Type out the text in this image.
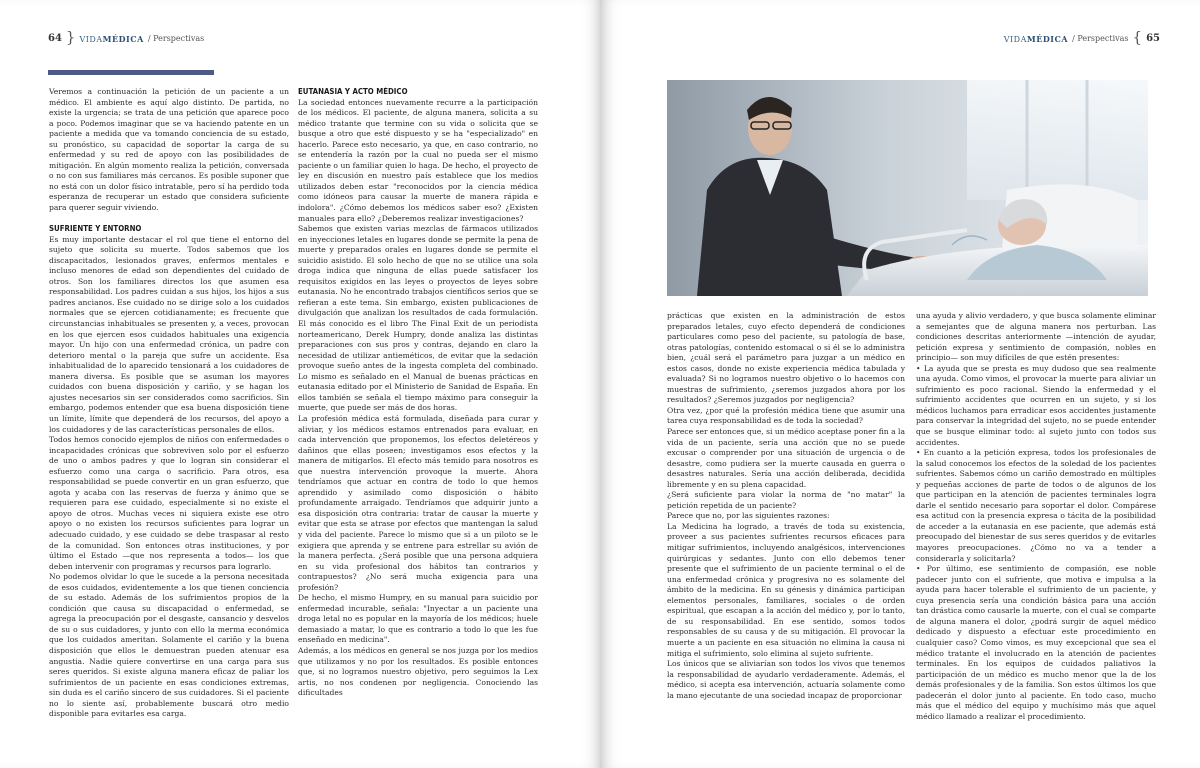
64 } VIDAMÉDICA / Perspectivas	VIDAMÉDICA / Perspectivas { 65

Veremos a continuación la petición de un paciente a un médico. El ambiente es aquí algo distinto. De partida, no existe la urgencia; se trata de una petición que aparece poco a poco. Podemos imaginar que se va haciendo patente en un paciente a medida que va tomando conciencia de su estado, su pronóstico, su capacidad de soportar la carga de su enfermedad y su red de apoyo con las posibilidades de mitigación. En algún momento realiza la petición, conversada o no con sus familiares más cercanos. Es posible suponer que no está con un dolor físico intratable, pero sí ha perdido toda esperanza de recuperar un estado que considera suficiente para querer seguir viviendo.

SUFRIENTE Y ENTORNO

Es muy importante destacar el rol que tiene el entorno del sujeto que solicita su muerte. Todos sabemos que los discapacitados, lesionados graves, enfermos mentales e incluso menores de edad son dependientes del cuidado de otros. Son los familiares directos los que asumen esa responsabilidad. Los padres cuidan a sus hijos, los hijos a sus padres ancianos. Ese cuidado no se dirige solo a los cuidados normales que se ejercen cotidianamente; es frecuente que circunstancias inhabituales se presenten y, a veces, provocan en los que ejercen esos cuidados habituales una exigencia mayor. Un hijo con una enfermedad crónica, un padre con deterioro mental o la pareja que sufre un accidente. Esa inhabitualidad de lo aparecido tensionará a los cuidadores de manera diversa. Es posible que se asuman los mayores cuidados con buena disposición y cariño, y se hagan los ajustes necesarios sin ser considerados como sacrificios. Sin embargo, podemos entender que esa buena disposición tiene un límite, límite que dependerá de los recursos, del apoyo a los cuidadores y de las características personales de ellos.

Todos hemos conocido ejemplos de niños con enfermedades o incapacidades crónicas que sobreviven solo por el esfuerzo de uno o ambos padres y que lo logran sin considerar el esfuerzo como una carga o sacrificio. Para otros, esa responsabilidad se puede convertir en un gran esfuerzo, que agota y acaba con las reservas de fuerza y ánimo que se requieren para ese cuidado, especialmente si no existe el apoyo de otros. Muchas veces ni siquiera existe ese otro apoyo o no existen los recursos suficientes para lograr un adecuado cuidado, y ese cuidado se debe traspasar al resto de la comunidad. Son entonces otras instituciones, y por último el Estado —que nos representa a todos— los que deben intervenir con programas y recursos para lograrlo.

No podemos olvidar lo que le sucede a la persona necesitada de esos cuidados, evidentemente a los que tienen conciencia de su estado. Además de los sufrimientos propios de la condición que causa su discapacidad o enfermedad, se agrega la preocupación por el desgaste, cansancio y desvelos de su o sus cuidadores, y junto con ello la merma económica que los cuidados ameritan. Solamente el cariño y la buena disposición que ellos le demuestran pueden atenuar esa angustia. Nadie quiere convertirse en una carga para sus seres queridos. Si existe alguna manera eficaz de paliar los sufrimientos de un paciente en esas condiciones extremas, sin duda es el cariño sincero de sus cuidadores. Si el paciente no lo siente así, probablemente buscará otro medio disponible para evitarles esa carga.

EUTANASIA Y ACTO MÉDICO

La sociedad entonces nuevamente recurre a la participación de los médicos. El paciente, de alguna manera, solicita a su médico tratante que termine con su vida o solicita que se busque a otro que esté dispuesto y se ha "especializado" en hacerlo. Parece esto necesario, ya que, en caso contrario, no se entendería la razón por la cual no pueda ser el mismo paciente o un familiar quien lo haga. De hecho, el proyecto de ley en discusión en nuestro país establece que los medios utilizados deben estar "reconocidos por la ciencia médica como idóneos para causar la muerte de manera rápida e indolora". ¿Cómo debemos los médicos saber eso? ¿Existen manuales para ello? ¿Deberemos realizar investigaciones?

Sabemos que existen varias mezclas de fármacos utilizados en inyecciones letales en lugares donde se permite la pena de muerte y preparados orales en lugares donde se permite el suicidio asistido. El solo hecho de que no se utilice una sola droga indica que ninguna de ellas puede satisfacer los requisitos exigidos en las leyes o proyectos de leyes sobre eutanasia. No he encontrado trabajos científicos serios que se refieran a este tema. Sin embargo, existen publicaciones de divulgación que analizan los resultados de cada formulación. El más conocido es el libro The Final Exit de un periodista norteamericano, Derek Humpry, donde analiza las distintas preparaciones con sus pros y contras, dejando en claro la necesidad de utilizar antieméticos, de evitar que la sedación provoque sueño antes de la ingesta completa del combinado. Lo mismo es señalado en el Manual de buenas prácticas en eutanasia editado por el Ministerio de Sanidad de España. En ellos también se señala el tiempo máximo para conseguir la muerte, que puede ser más de dos horas.

La profesión médica está formulada, diseñada para curar y aliviar, y los médicos estamos entrenados para evaluar, en cada intervención que proponemos, los efectos deletéreos y dañinos que ellas poseen; investigamos esos efectos y la manera de mitigarlos. El efecto más temido para nosotros es que nuestra intervención provoque la muerte. Ahora tendríamos que actuar en contra de todo lo que hemos aprendido y asimilado como disposición o hábito profundamente arraigado. Tendríamos que adquirir junto a esa disposición otra contraria: tratar de causar la muerte y evitar que esta se atrase por efectos que mantengan la salud y vida del paciente. Parece lo mismo que si a un piloto se le exigiera que aprenda y se entrene para estrellar su avión de la manera perfecta. ¿Será posible que una persona adquiera en su vida profesional dos hábitos tan contrarios y contrapuestos? ¿No será mucha exigencia para una profesión?

De hecho, el mismo Humpry, en su manual para suicidio por enfermedad incurable, señala: "Inyectar a un paciente una droga letal no es popular en la mayoría de los médicos; huele demasiado a matar, lo que es contrario a todo lo que les fue enseñado en medicina".

Además, a los médicos en general se nos juzga por los medios que utilizamos y no por los resultados. Es posible entonces que, si no logramos nuestro objetivo, pero seguimos la Lex artis, no nos condenen por negligencia. Conociendo las dificultades

prácticas que existen en la administración de estos preparados letales, cuyo efecto dependerá de condiciones particulares como peso del paciente, su patología de base, otras patologías, contenido estomacal o si él se lo administra bien, ¿cuál será el parámetro para juzgar a un médico en estos casos, donde no existe experiencia médica tabulada y evaluada? Si no logramos nuestro objetivo o lo hacemos con muestras de sufrimiento, ¿seremos juzgados ahora por los resultados? ¿Seremos juzgados por negligencia?

Otra vez, ¿por qué la profesión médica tiene que asumir una tarea cuya responsabilidad es de toda la sociedad?

Parece ser entonces que, si un médico aceptase poner fin a la vida de un paciente, sería una acción que no se puede excusar o comprender por una situación de urgencia o de desastre, como pudiera ser la muerte causada en guerra o desastres naturales. Sería una acción deliberada, decidida libremente y en su plena capacidad.

¿Será suficiente para violar la norma de "no matar" la petición repetida de un paciente?

Parece que no, por las siguientes razones:

La Medicina ha logrado, a través de toda su existencia, proveer a sus pacientes sufrientes recursos eficaces para mitigar sufrimientos, incluyendo analgésicos, intervenciones quirúrgicas y sedantes. Junto con ello debemos tener presente que el sufrimiento de un paciente terminal o el de una enfermedad crónica y progresiva no es solamente del ámbito de la medicina. En su génesis y dinámica participan elementos personales, familiares, sociales o de orden espiritual, que escapan a la acción del médico y, por lo tanto, de su responsabilidad. En ese sentido, somos todos responsables de su causa y de su mitigación. El provocar la muerte a un paciente en esa situación no elimina la causa ni mitiga el sufrimiento, solo elimina al sujeto sufriente.

Los únicos que se aliviarían son todos los vivos que tenemos la responsabilidad de ayudarlo verdaderamente. Además, el médico, si acepta esa intervención, actuaría solamente como la mano ejecutante de una sociedad incapaz de proporcionar

una ayuda y alivio verdadero, y que busca solamente eliminar a semejantes que de alguna manera nos perturban. Las condiciones descritas anteriormente —intención de ayudar, petición expresa y sentimiento de compasión, nobles en principio— son muy difíciles de que estén presentes:

• La ayuda que se presta es muy dudoso que sea realmente una ayuda. Como vimos, el provocar la muerte para aliviar un sufrimiento es poco racional. Siendo la enfermedad y el sufrimiento accidentes que ocurren en un sujeto, y si los médicos luchamos para erradicar esos accidentes justamente para conservar la integridad del sujeto, no se puede entender que se busque eliminar todo: al sujeto junto con todos sus accidentes.

• En cuanto a la petición expresa, todos los profesionales de la salud conocemos los efectos de la soledad de los pacientes sufrientes. Sabemos cómo un cariño demostrado en múltiples y pequeñas acciones de parte de todos o de algunos de los que participan en la atención de pacientes terminales logra darle el sentido necesario para soportar el dolor. Compárese esa actitud con la presencia expresa o tácita de la posibilidad de acceder a la eutanasia en ese paciente, que además está preocupado del bienestar de sus seres queridos y de evitarles mayores preocupaciones. ¿Cómo no va a tender a considerarla y solicitarla?

• Por último, ese sentimiento de compasión, ese noble padecer junto con el sufriente, que motiva e impulsa a la ayuda para hacer tolerable el sufrimiento de un paciente, y cuya presencia sería una condición básica para una acción tan drástica como causarle la muerte, con el cual se comparte de alguna manera el dolor, ¿podrá surgir de aquel médico dedicado y dispuesto a efectuar este procedimiento en cualquier caso? Como vimos, es muy excepcional que sea el médico tratante el involucrado en la atención de pacientes terminales. En los equipos de cuidados paliativos la participación de un médico es mucho menor que la de los demás profesionales y de la familia. Son estos últimos los que padecerán el dolor junto al paciente. En todo caso, mucho más que el médico del equipo y muchísimo más que aquel médico llamado a realizar el procedimiento.
